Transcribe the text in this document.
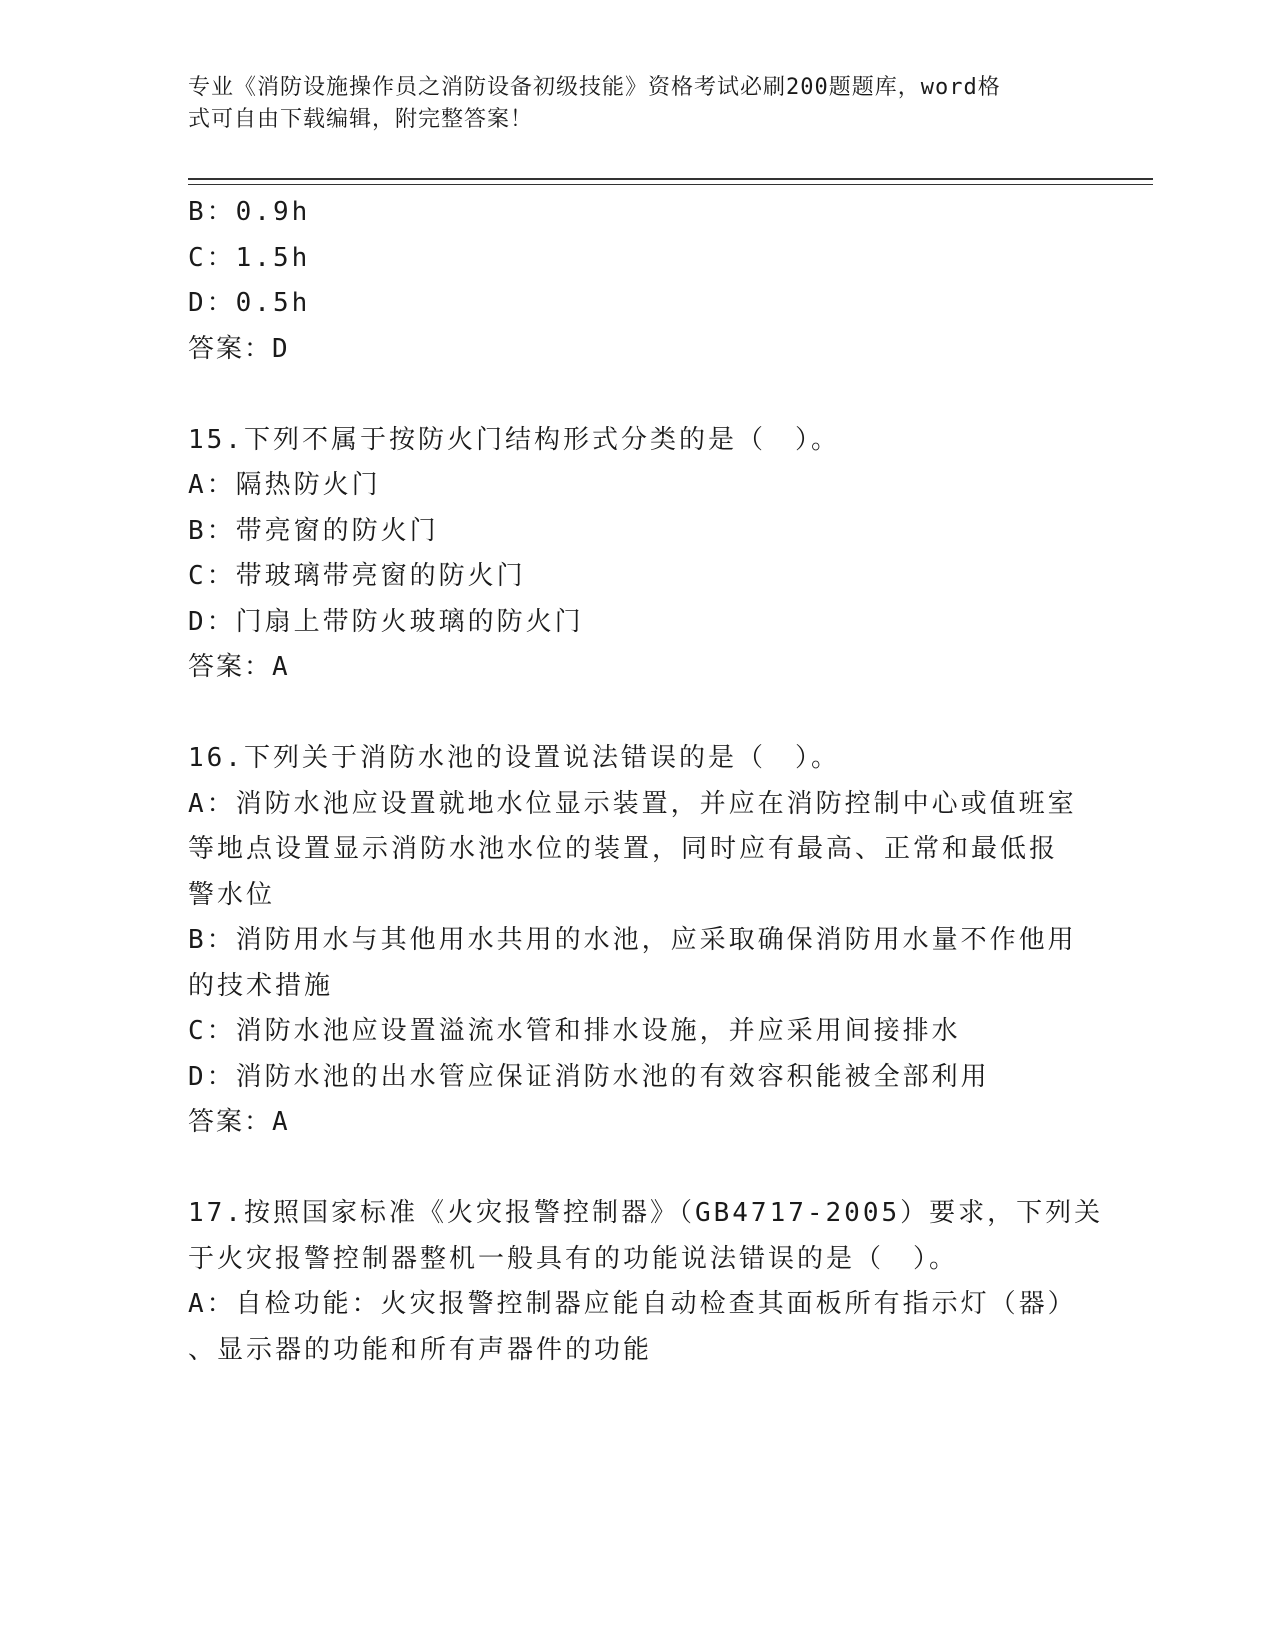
专业《消防设施操作员之消防设备初级技能》资格考试必刷200题题库，word格

式可自由下载编辑，附完整答案！

B：0.9h

C：1.5h

D：0.5h

答案：D

15.下列不属于按防火门结构形式分类的是（　）。

A：隔热防火门

B：带亮窗的防火门

C：带玻璃带亮窗的防火门

D：门扇上带防火玻璃的防火门

答案：A

16.下列关于消防水池的设置说法错误的是（　）。

A：消防水池应设置就地水位显示装置，并应在消防控制中心或值班室

等地点设置显示消防水池水位的装置，同时应有最高、正常和最低报

警水位

B：消防用水与其他用水共用的水池，应采取确保消防用水量不作他用

的技术措施

C：消防水池应设置溢流水管和排水设施，并应采用间接排水

D：消防水池的出水管应保证消防水池的有效容积能被全部利用

答案：A

17.按照国家标准《火灾报警控制器》（GB4717-2005）要求，下列关

于火灾报警控制器整机一般具有的功能说法错误的是（　）。

A：自检功能：火灾报警控制器应能自动检查其面板所有指示灯（器）

、显示器的功能和所有声器件的功能
